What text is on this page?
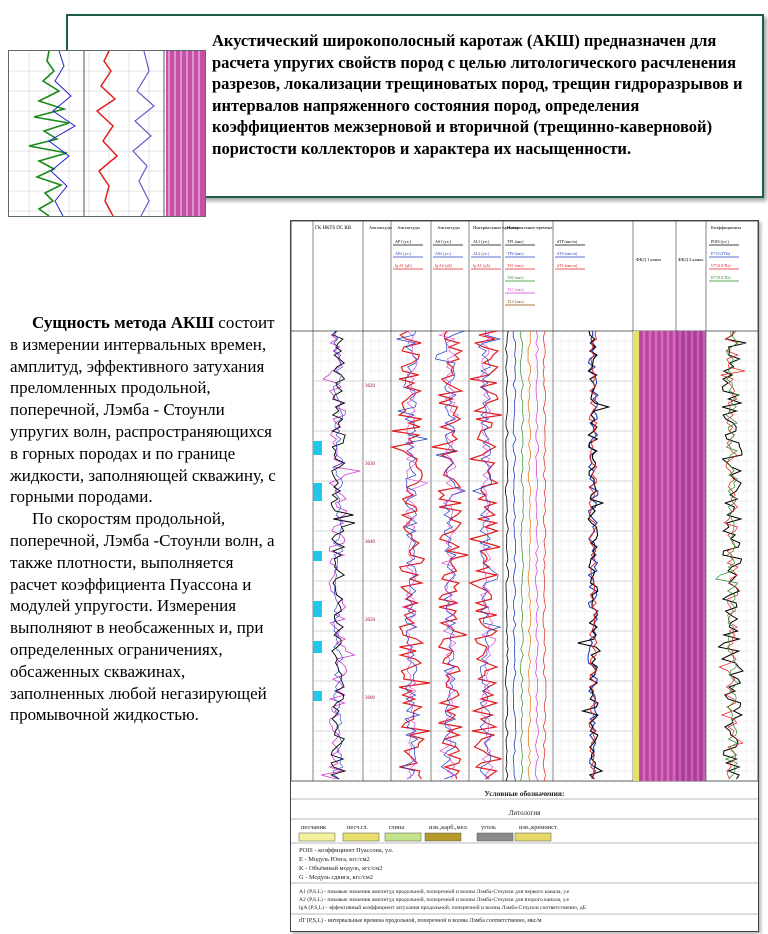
Акустический широкополосный каротаж (АКШ) предназначен для расчета упругих свойств пород с целью литологического расчленения разрезов, локализации трещиноватых пород, трещин гидроразрывов и интервалов напряженного состояния пород, определения коэффициентов межзерновой и вторичной (трещинно-каверновой) пористости коллекторов и характера их насыщенности.

Сущность метода АКШ состоит в измерении интервальных времен, амплитуд, эффективного затухания преломленных продольной, поперечной, Лэмба - Стоунли упругих волн, распространяющихся в горных породах и по границе жидкости, заполняющей скважину, с горными породами.

По скоростям продольной, поперечной, Лэмба -Стоунли волн, а также плотности, выполняется расчет коэффициента Пуассона и модулей упругости. Измерения выполняют в необсаженных и, при определенных ограничениях, обсаженных скважинах, заполненных любой негазирующей промывочной жидкостью.

3620
3630
3640
3650
3660
ГК НКТ6 ПС КВ	Амплитуды Амплитуды	Амплитуды	Интервальные времена
Интервальные времена
ФКД 1 канал	ФКД 2 канал
Коэффициенты
AP1 (у.е.)
AP2 (у.е.)
lg A1 (дБ)
AS1 (у.е.)
AS2 (у.е.)
lg AS (дБ)
AL1 (у.е.)
AL2 (у.е.)
lg AL (дБ)
TP1 (мкс)
TP2 (мкс)
TS1 (мкс)
TS2 (мкс)
TL1 (мкс)
TL2 (мкс)
dTP (мкс/м)
dTS (мкс/м)
dTL (мкс/м)
POIS (у.е.)
E*10 (ГПа)
G*10 (ГПа)
K*10 (ГПа)
Условные обозначения:
Литология
песчаник	песч.гл.	глина	изв.,карб.,мел. уголь	изв.,кремнист.
POIS - коэффициент Пуассона, у.е.
E - Модуль Юнга, кгс/см2
K - Объёмный модуль, кгс/см2
G - Модуль сдвига, кгс/см2
A1 (P,S,L) - пиковые значения амплитуд продольной, поперечной и волны Лэмба-Стоунли для первого канала, у.е
A2 (P,S,L) - пиковые значения амплитуд продольной, поперечной и волны Лэмба-Стоунли для второго канала, у.е
lgA (P,S,L) - эффективный коэффициент затухания продольной, поперечной и волны Лэмба-Стоунли соответственно, дБ
dT (P,S,L) - интервальные времена продольной, поперечной и волны Лэмба соответственно, мкс/м
